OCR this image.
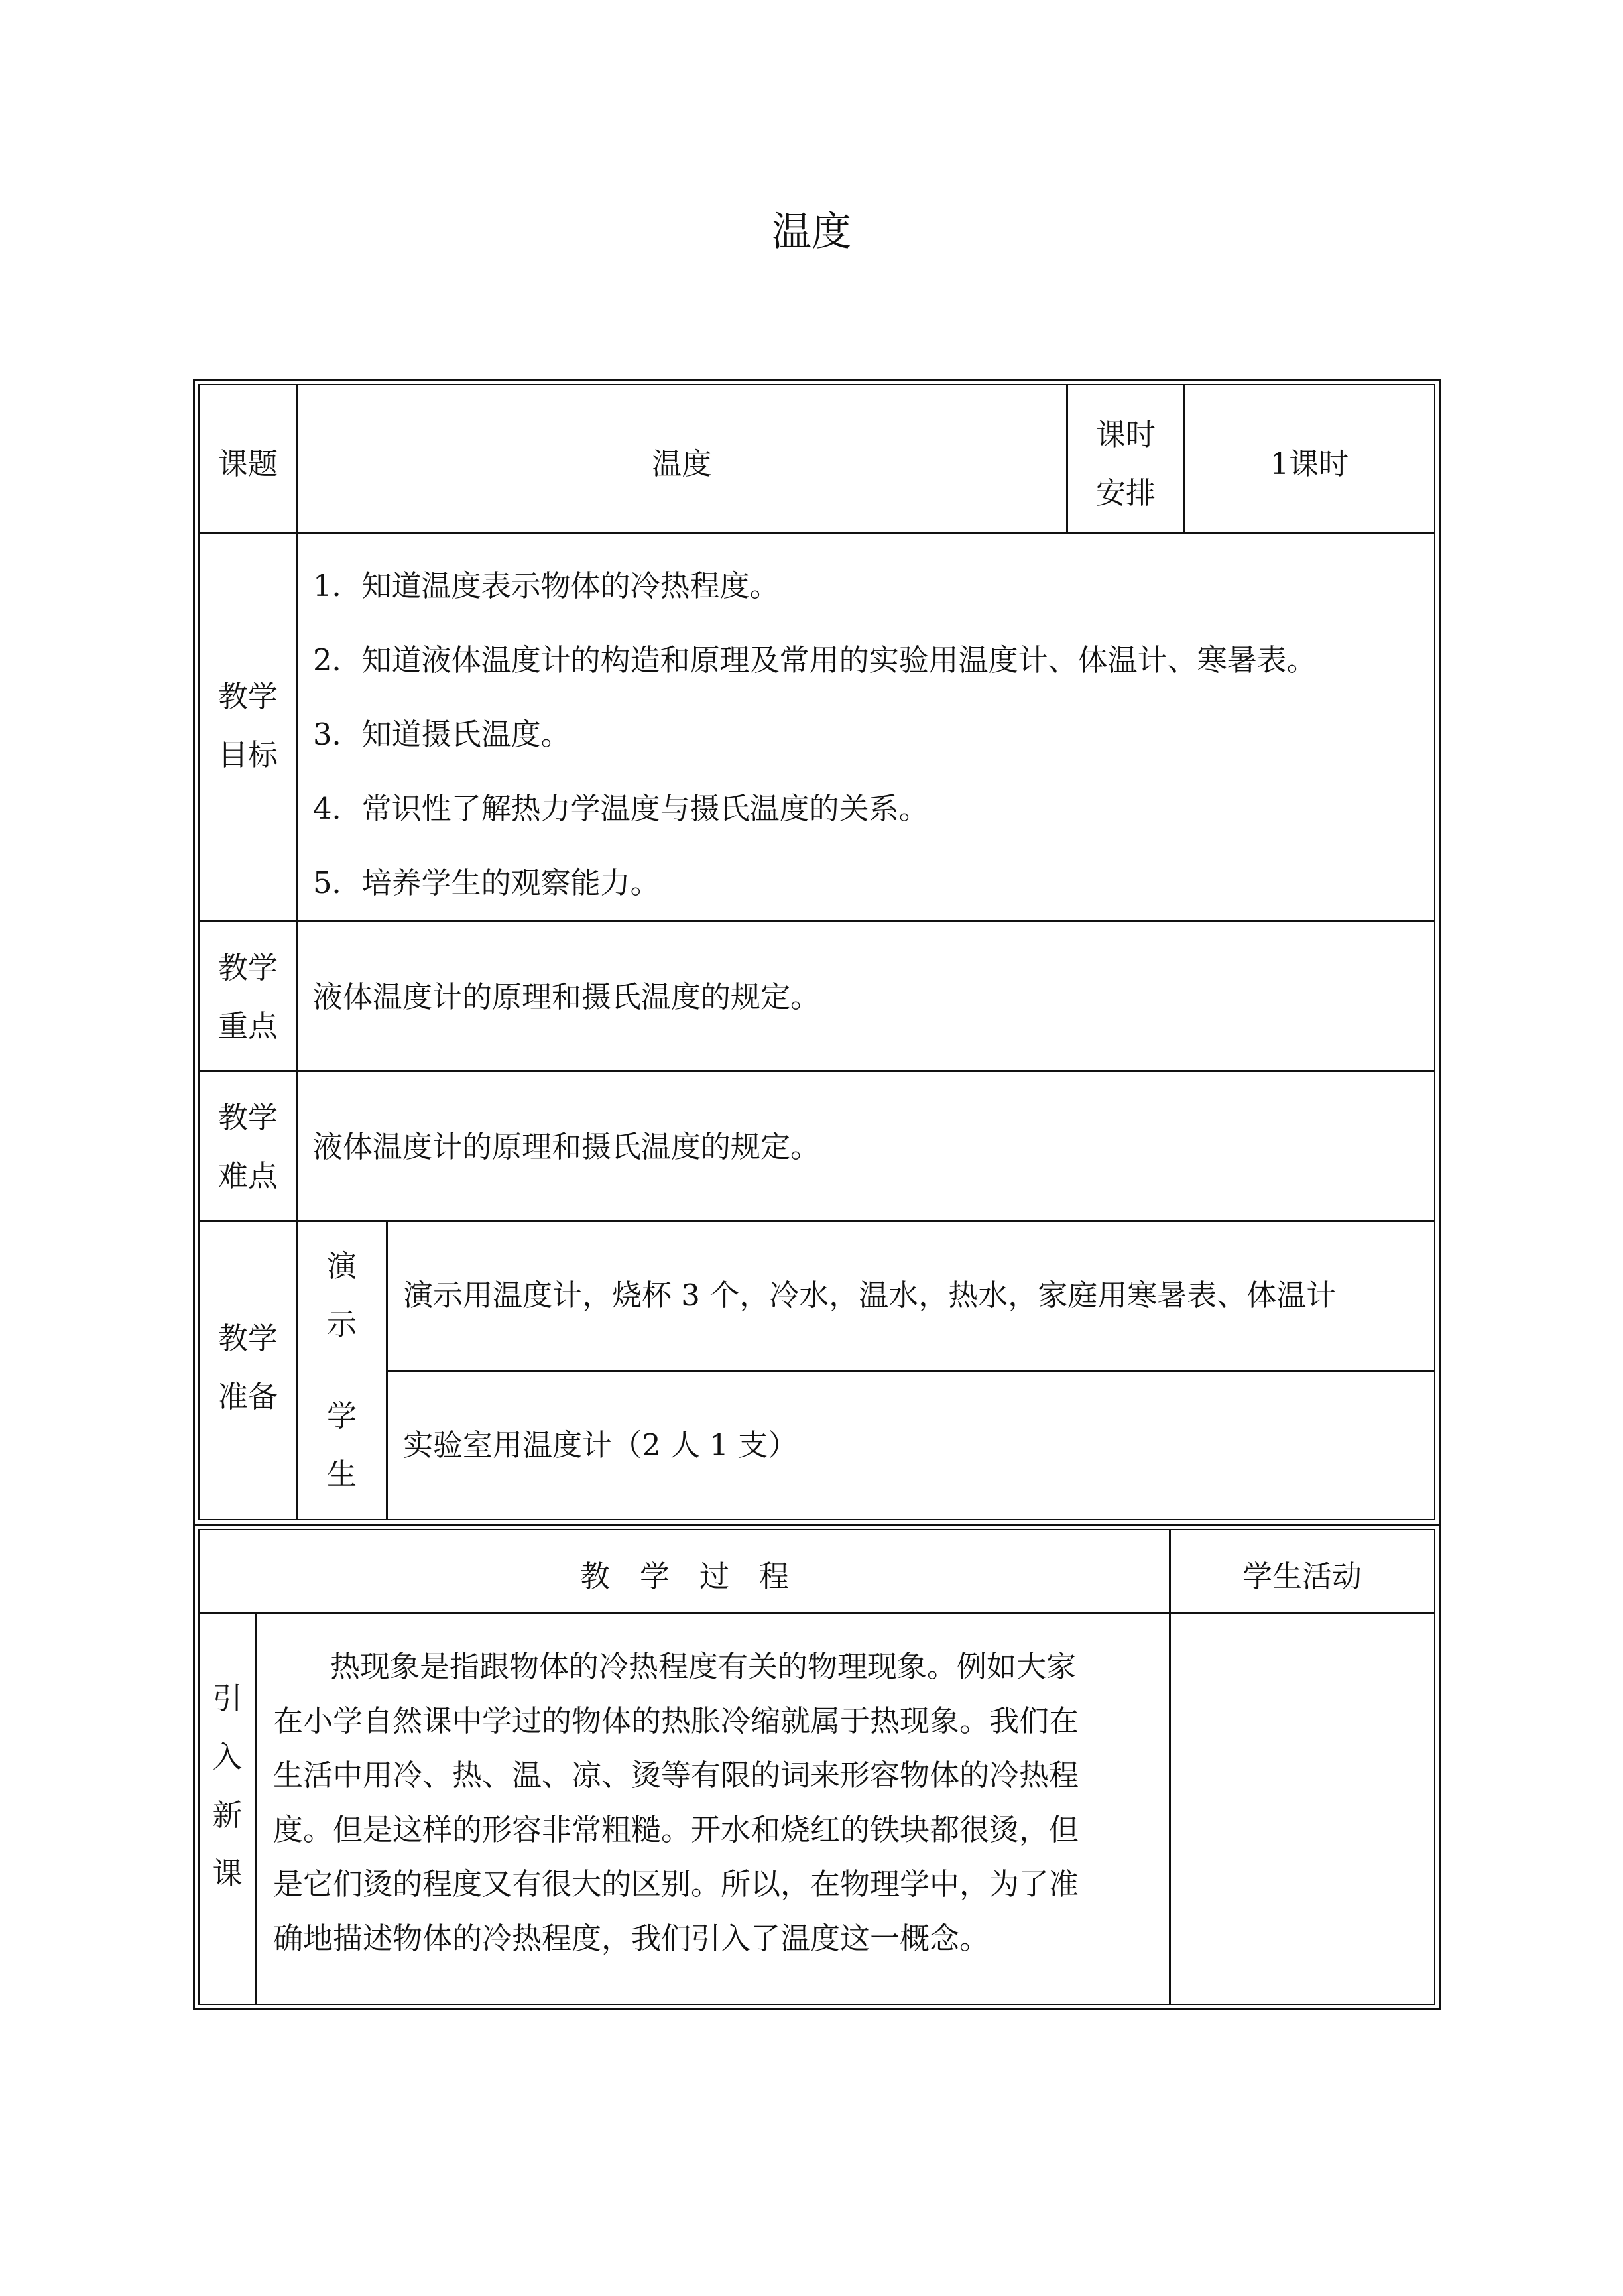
温度
课题	温度
课时
安排
1课时
教学
目标
1．知道温度表示物体的冷热程度。
2．知道液体温度计的构造和原理及常用的实验用温度计、体温计、寒暑表。
3．知道摄氏温度。
4．常识性了解热力学温度与摄氏温度的关系。
5．培养学生的观察能力。
教学
重点
液体温度计的原理和摄氏温度的规定。
教学
难点
液体温度计的原理和摄氏温度的规定。
教学
准备
演
示
演示用温度计，烧杯 3 个，冷水，温水，热水，家庭用寒暑表、体温计
学
生
实验室用温度计（2 人 1 支）
教　学　过　程	学生活动
引
入
新
课
热现象是指跟物体的冷热程度有关的物理现象。例如大家
在小学自然课中学过的物体的热胀冷缩就属于热现象。我们在
生活中用冷、热、温、凉、烫等有限的词来形容物体的冷热程
度。但是这样的形容非常粗糙。开水和烧红的铁块都很烫，但
是它们烫的程度又有很大的区别。所以，在物理学中，为了准
确地描述物体的冷热程度，我们引入了温度这一概念。
